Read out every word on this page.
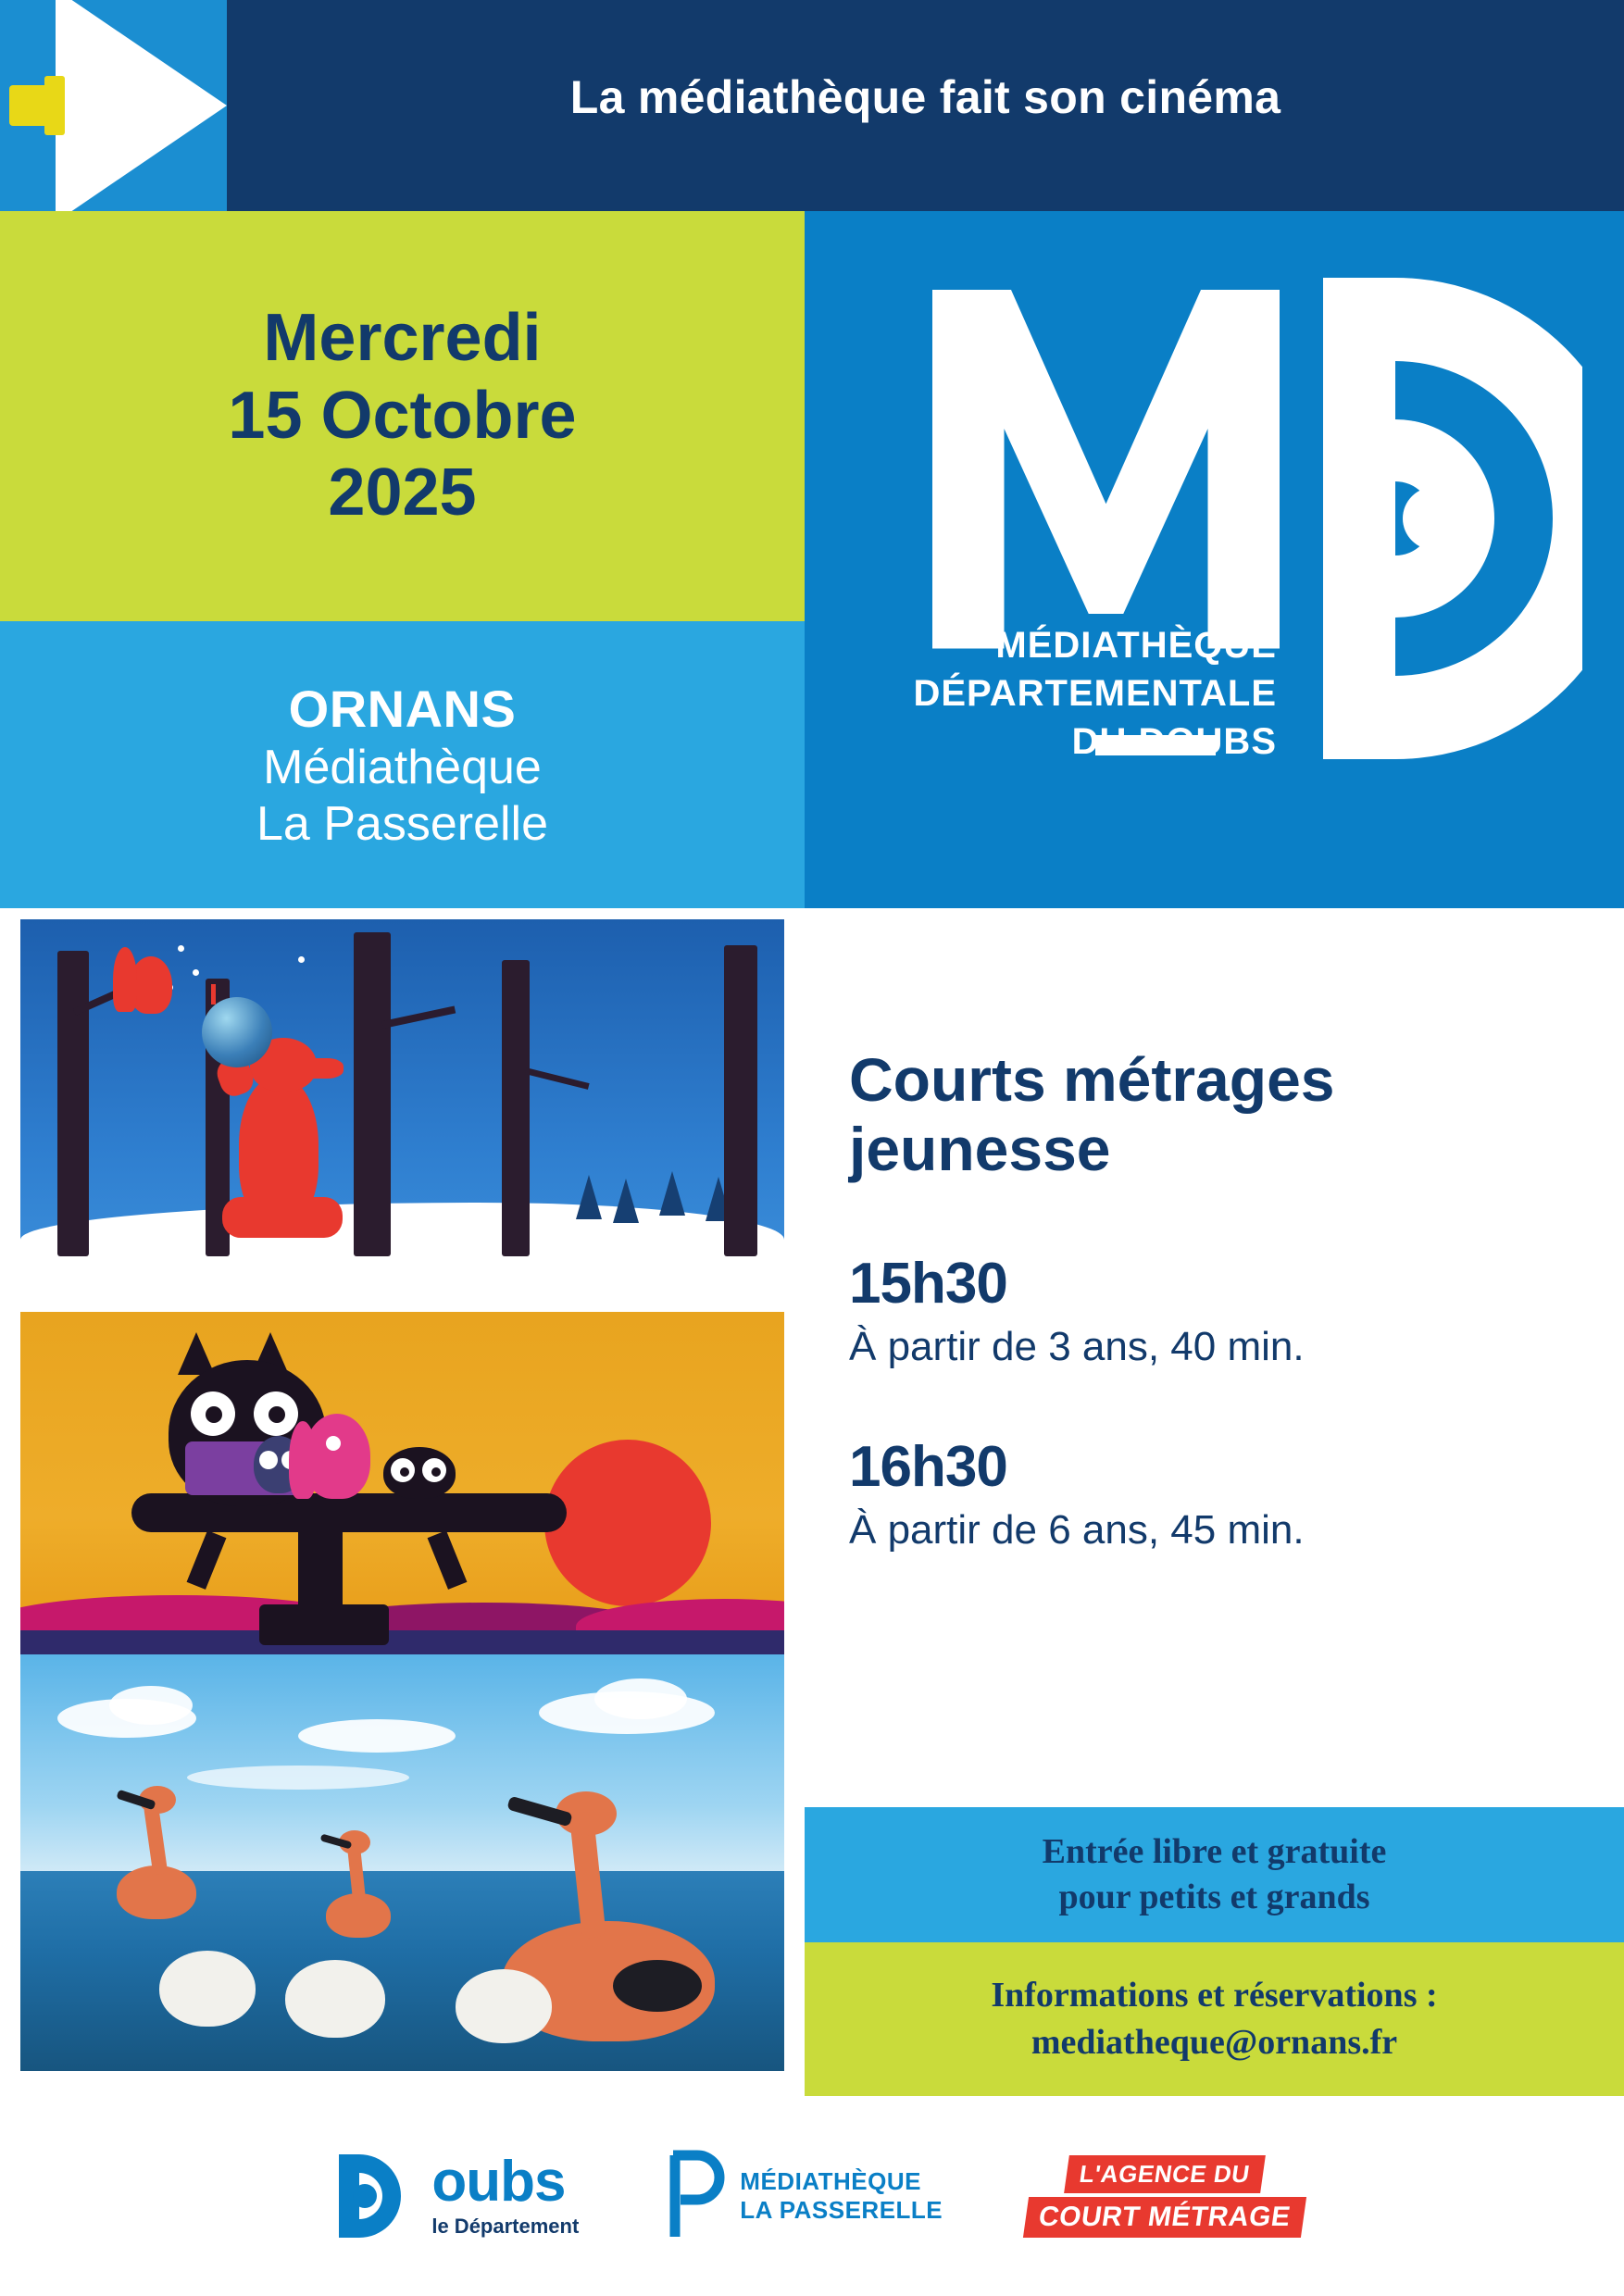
La médiathèque fait son cinéma
Mercredi
15 Octobre
2025
ORNANS
Médiathèque
La Passerelle
MÉDIATHÈQUE
DÉPARTEMENTALE
DU DOUBS
Courts métrages jeunesse
15h30
À partir de 3 ans, 40 min.
16h30
À partir de 6 ans, 45 min.
Entrée libre et gratuite
pour petits et grands
Informations et réservations :
mediatheque@ornans.fr
oubs
le Département
MÉDIATHÈQUE
LA PASSERELLE
L'AGENCE DU
COURT MÉTRAGE
